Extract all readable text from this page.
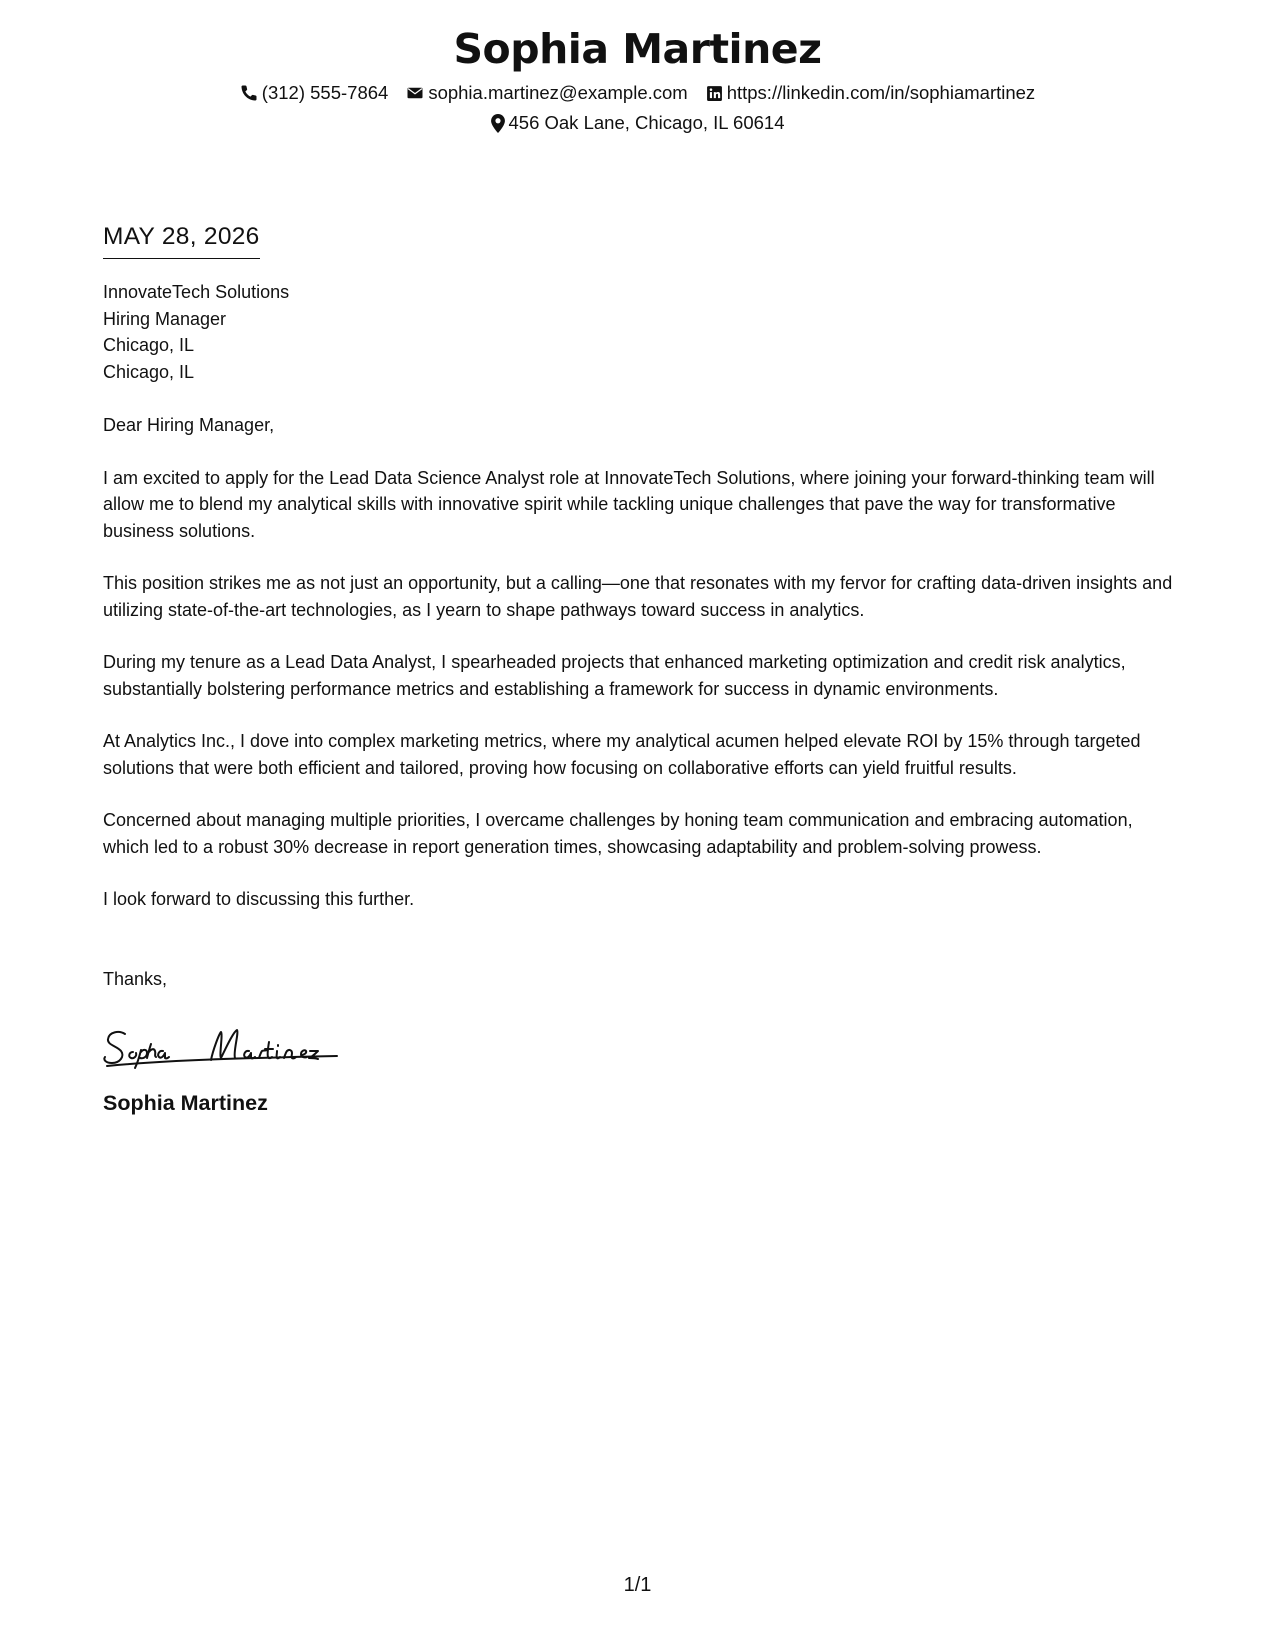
Sophia Martinez
(312) 555-7864 sophia.martinez@example.com https://linkedin.com/in/sophiamartinez
456 Oak Lane, Chicago, IL 60614
MAY 28, 2026
InnovateTech Solutions
Hiring Manager
Chicago, IL
Chicago, IL
Dear Hiring Manager,
I am excited to apply for the Lead Data Science Analyst role at InnovateTech Solutions, where joining your forward-thinking team will allow me to blend my analytical skills with innovative spirit while tackling unique challenges that pave the way for transformative business solutions.
This position strikes me as not just an opportunity, but a calling—one that resonates with my fervor for crafting data-driven insights and utilizing state-of-the-art technologies, as I yearn to shape pathways toward success in analytics.
During my tenure as a Lead Data Analyst, I spearheaded projects that enhanced marketing optimization and credit risk analytics, substantially bolstering performance metrics and establishing a framework for success in dynamic environments.
At Analytics Inc., I dove into complex marketing metrics, where my analytical acumen helped elevate ROI by 15% through targeted solutions that were both efficient and tailored, proving how focusing on collaborative efforts can yield fruitful results.
Concerned about managing multiple priorities, I overcame challenges by honing team communication and embracing automation, which led to a robust 30% decrease in report generation times, showcasing adaptability and problem-solving prowess.
I look forward to discussing this further.
Thanks,
Sophia Martinez
1/1
